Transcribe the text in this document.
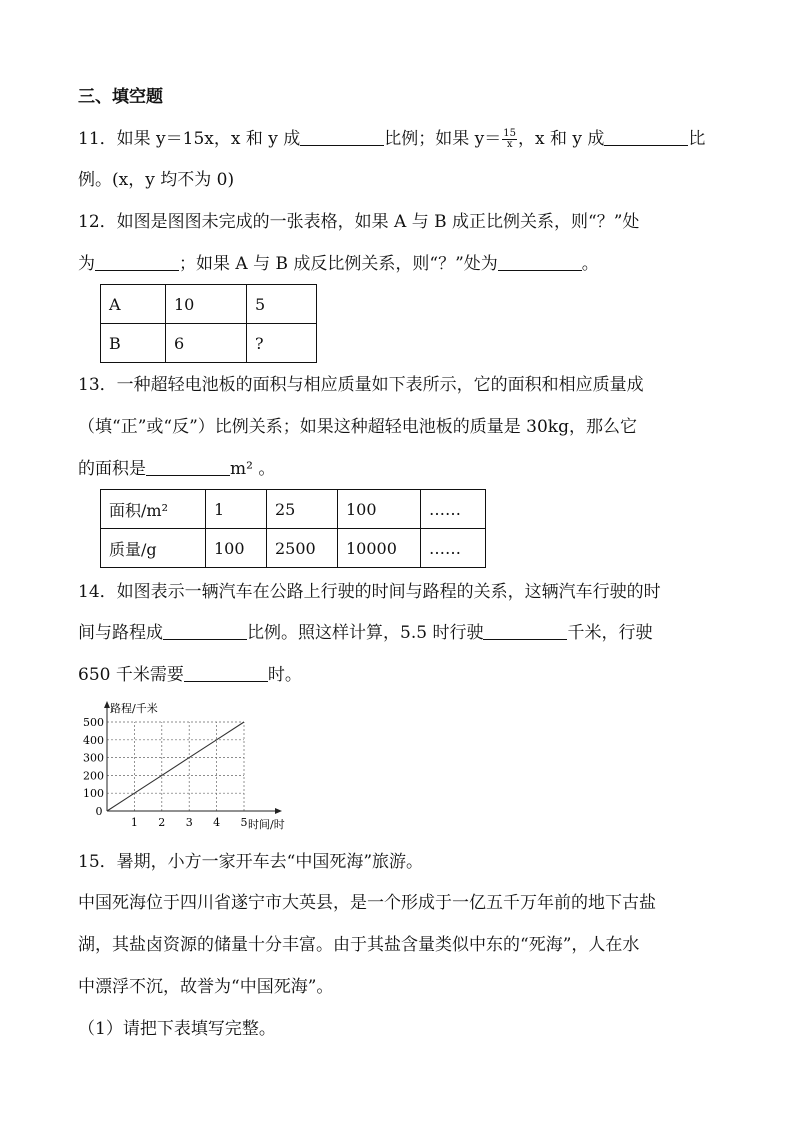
三、填空题
11．如果 y＝15x，x 和 y 成	比例；如果 $y= \frac{15}{x}$ ，x 和 y 成	比
例。(x，y 均不为 0)
12．如图是图图未完成的一张表格，如果 A 与 B 成正比例关系，则“？”处
为	；如果 A 与 B 成反比例关系，则“？”处为	。
A	10	5
B	6	?
13．一种超轻电池板的面积与相应质量如下表所示，它的面积和相应质量成
（填“正”或“反”）比例关系；如果这种超轻电池板的质量是 30kg，那么它
的面积是	m² 。
面积/m²	1	25	100	……
质量/g	100	2500	10000	……
14．如图表示一辆汽车在公路上行驶的时间与路程的关系，这辆汽车行驶的时
间与路程成	比例。照这样计算，5.5 时行驶	千米，行驶
650 千米需要	时。
100
200
300
400
500
0
1 2 3 4 5
路程/千米
时间/时
15．暑期，小方一家开车去“中国死海”旅游。
中国死海位于四川省遂宁市大英县，是一个形成于一亿五千万年前的地下古盐
湖，其盐卤资源的储量十分丰富。由于其盐含量类似中东的“死海”，人在水
中漂浮不沉，故誉为“中国死海”。
（1）请把下表填写完整。
